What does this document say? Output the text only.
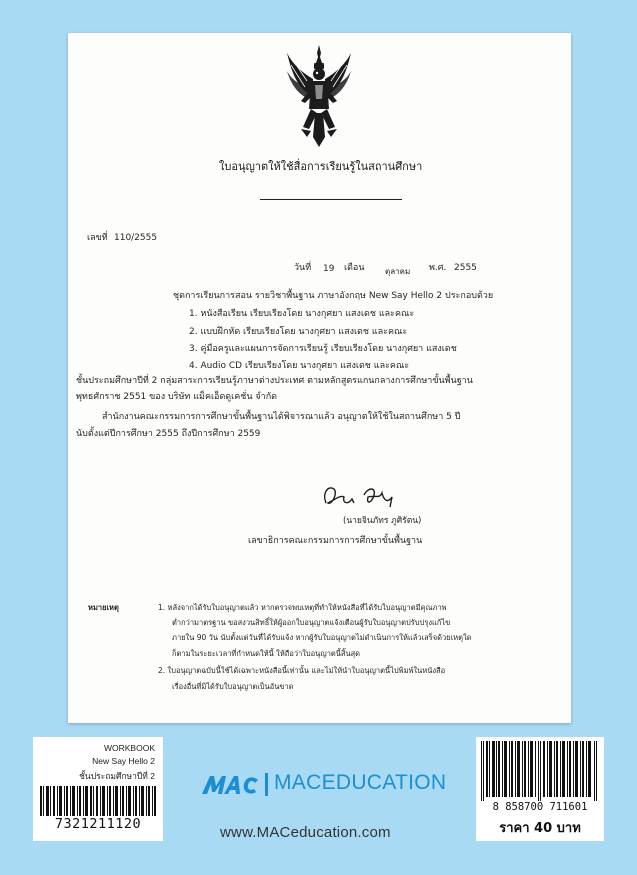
ใบอนุญาตให้ใช้สื่อการเรียนรู้ในสถานศึกษา
เลขที่ 110/2555
วันที่ 19 เดือน	ตุลาคม พ.ศ. 2555
ชุดการเรียนการสอน รายวิชาพื้นฐาน ภาษาอังกฤษ New Say Hello 2 ประกอบด้วย
1. หนังสือเรียน เรียบเรียงโดย นางกุศยา แสงเดช และคณะ
2. แบบฝึกหัด เรียบเรียงโดย นางกุศยา แสงเดช และคณะ
3. คู่มือครูและแผนการจัดการเรียนรู้ เรียบเรียงโดย นางกุศยา แสงเดช
4. Audio CD เรียบเรียงโดย นางกุศยา แสงเดช และคณะ
ชั้นประถมศึกษาปีที่ 2 กลุ่มสาระการเรียนรู้ภาษาต่างประเทศ ตามหลักสูตรแกนกลางการศึกษาขั้นพื้นฐาน
พุทธศักราช 2551 ของ บริษัท แม็คเอ็ดดูเคชั่น จำกัด
สำนักงานคณะกรรมการการศึกษาขั้นพื้นฐานได้พิจารณาแล้ว อนุญาตให้ใช้ในสถานศึกษา 5 ปี
นับตั้งแต่ปีการศึกษา 2555 ถึงปีการศึกษา 2559
(นายจินภัทร ภูศิรัตน)
เลขาธิการคณะกรรมการการศึกษาขั้นพื้นฐาน
หมายเหตุ	1. หลังจากได้รับใบอนุญาตแล้ว หากตรวจพบเหตุที่ทำให้หนังสือที่ได้รับใบอนุญาตมีคุณภาพ
ต่ำกว่ามาตรฐาน ขอสงวนสิทธิ์ให้ผู้ออกใบอนุญาตแจ้งเตือนผู้รับใบอนุญาตปรับปรุงแก้ไข
ภายใน 90 วัน นับตั้งแต่วันที่ได้รับแจ้ง หากผู้รับใบอนุญาตไม่ดำเนินการให้แล้วเสร็จด้วยเหตุใด
ก็ตามในระยะเวลาที่กำหนดให้นี้ ให้ถือว่าใบอนุญาตนี้สิ้นสุด
2. ใบอนุญาตฉบับนี้ใช้ได้เฉพาะหนังสือนี้เท่านั้น และไม่ให้นำใบอนุญาตนี้ไปพิมพ์ในหนังสือ
เรื่องอื่นที่มิได้รับใบอนุญาตเป็นอันขาด
WORKBOOK
New Say Hello 2
ชั้นประถมศึกษาปีที่ 2
7321211120
MACEDUCATION
www.MACeducation.com
8 858700 711601
ราคา 40 บาท
